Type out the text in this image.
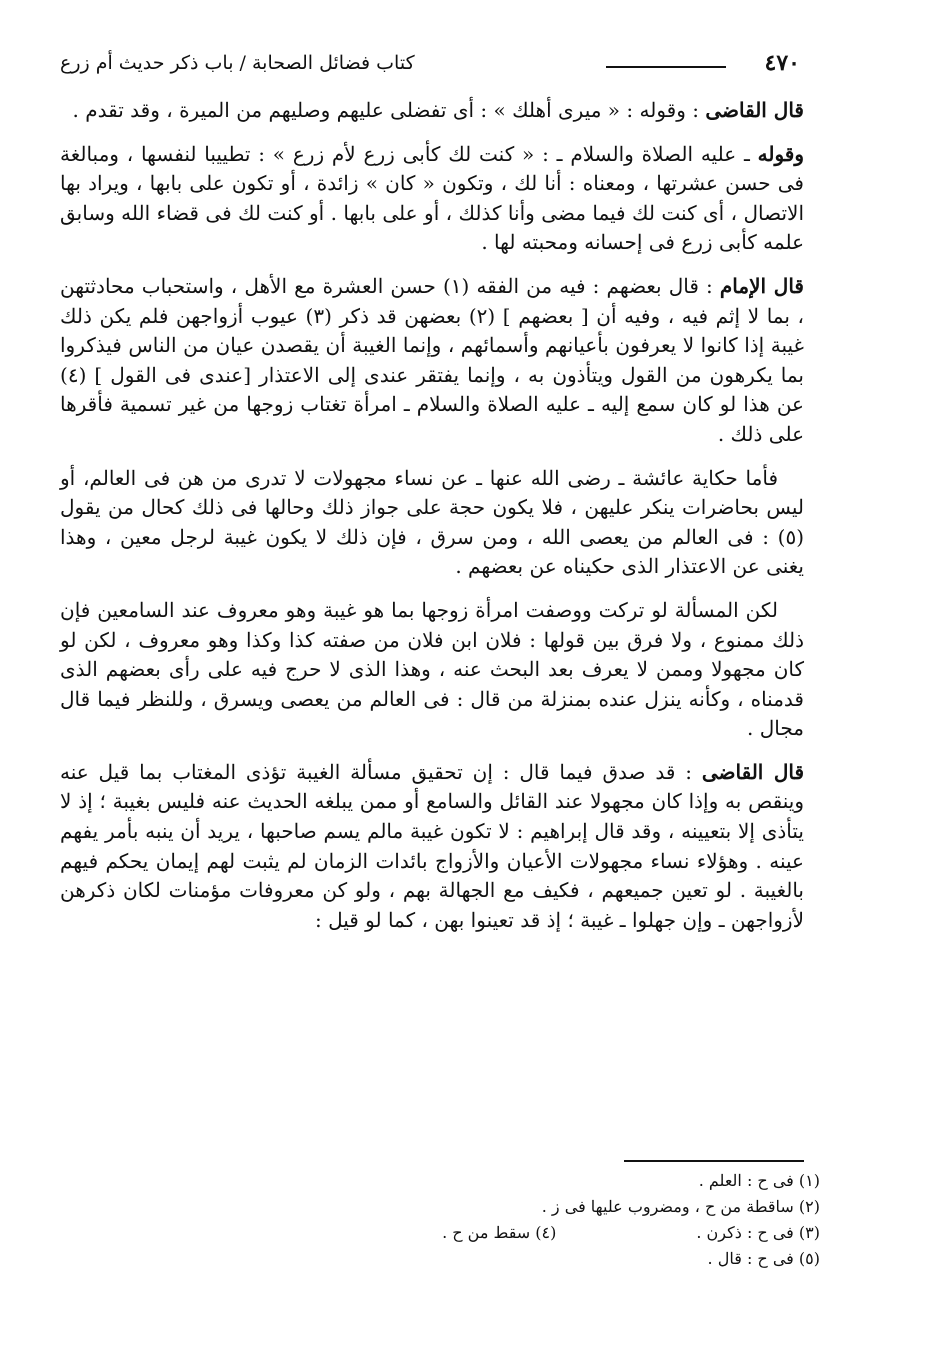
٤٧٠
كتاب فضائل الصحابة / باب ذكر حديث أم زرع

قال القاضى : وقوله : « ميرى أهلك » : أى تفضلى عليهم وصليهم من الميرة ، وقد تقدم .

وقوله ـ عليه الصلاة والسلام ـ : « كنت لك كأبى زرع لأم زرع » : تطييبا لنفسها ، ومبالغة فى حسن عشرتها ، ومعناه : أنا لك ، وتكون « كان » زائدة ، أو تكون على بابها ، ويراد بها الاتصال ، أى كنت لك فيما مضى وأنا كذلك ، أو على بابها . أو كنت لك فى قضاء الله وسابق علمه كأبى زرع فى إحسانه ومحبته لها .

قال الإمام : قال بعضهم : فيه من الفقه (١) حسن العشرة مع الأهل ، واستحباب محادثتهن ، بما لا إثم فيه ، وفيه أن [ بعضهم ] (٢) بعضهن قد ذكر (٣) عيوب أزواجهن فلم يكن ذلك غيبة إذا كانوا لا يعرفون بأعيانهم وأسمائهم ، وإنما الغيبة أن يقصدن عيان من الناس فيذكروا بما يكرهون من القول ويتأذون به ، وإنما يفتقر عندى إلى الاعتذار [عندى فى القول ] (٤) عن هذا لو كان سمع إليه ـ عليه الصلاة والسلام ـ امرأة تغتاب زوجها من غير تسمية فأقرها على ذلك .

فأما حكاية عائشة ـ رضى الله عنها ـ عن نساء مجهولات لا تدرى من هن فى العالم، أو ليس بحاضرات ينكر عليهن ، فلا يكون حجة على جواز ذلك وحالها فى ذلك كحال من يقول (٥) : فى العالم من يعصى الله ، ومن سرق ، فإن ذلك لا يكون غيبة لرجل معين ، وهذا يغنى عن الاعتذار الذى حكيناه عن بعضهم .

لكن المسألة لو تركت ووصفت امرأة زوجها بما هو غيبة وهو معروف عند السامعين فإن ذلك ممنوع ، ولا فرق بين قولها : فلان ابن فلان من صفته كذا وكذا وهو معروف ، لكن لو كان مجهولا وممن لا يعرف بعد البحث عنه ، وهذا الذى لا حرج فيه على رأى بعضهم الذى قدمناه ، وكأنه ينزل عنده بمنزلة من قال : فى العالم من يعصى ويسرق ، وللنظر فيما قال مجال .

قال القاضى : قد صدق فيما قال : إن تحقيق مسألة الغيبة تؤذى المغتاب بما قيل عنه وينقص به وإذا كان مجهولا عند القائل والسامع أو ممن يبلغه الحديث عنه فليس بغيبة ؛ إذ لا يتأذى إلا بتعيينه ، وقد قال إبراهيم : لا تكون غيبة مالم يسم صاحبها ، يريد أن ينبه بأمر يفهم عينه . وهؤلاء نساء مجهولات الأعيان والأزواج بائدات الزمان لم يثبت لهم إيمان يحكم فيهم بالغيبة . لو تعين جميعهم ، فكيف مع الجهالة بهم ، ولو كن معروفات مؤمنات لكان ذكرهن لأزواجهن ـ وإن جهلوا ـ غيبة ؛ إذ قد تعينوا بهن ، كما لو قيل :

(١) فى ح : العلم .
(٢) ساقطة من ح ، ومضروب عليها فى ز .
(٣) فى ح : ذكرن .
(٤) سقط من ح .
(٥) فى ح : قال .
